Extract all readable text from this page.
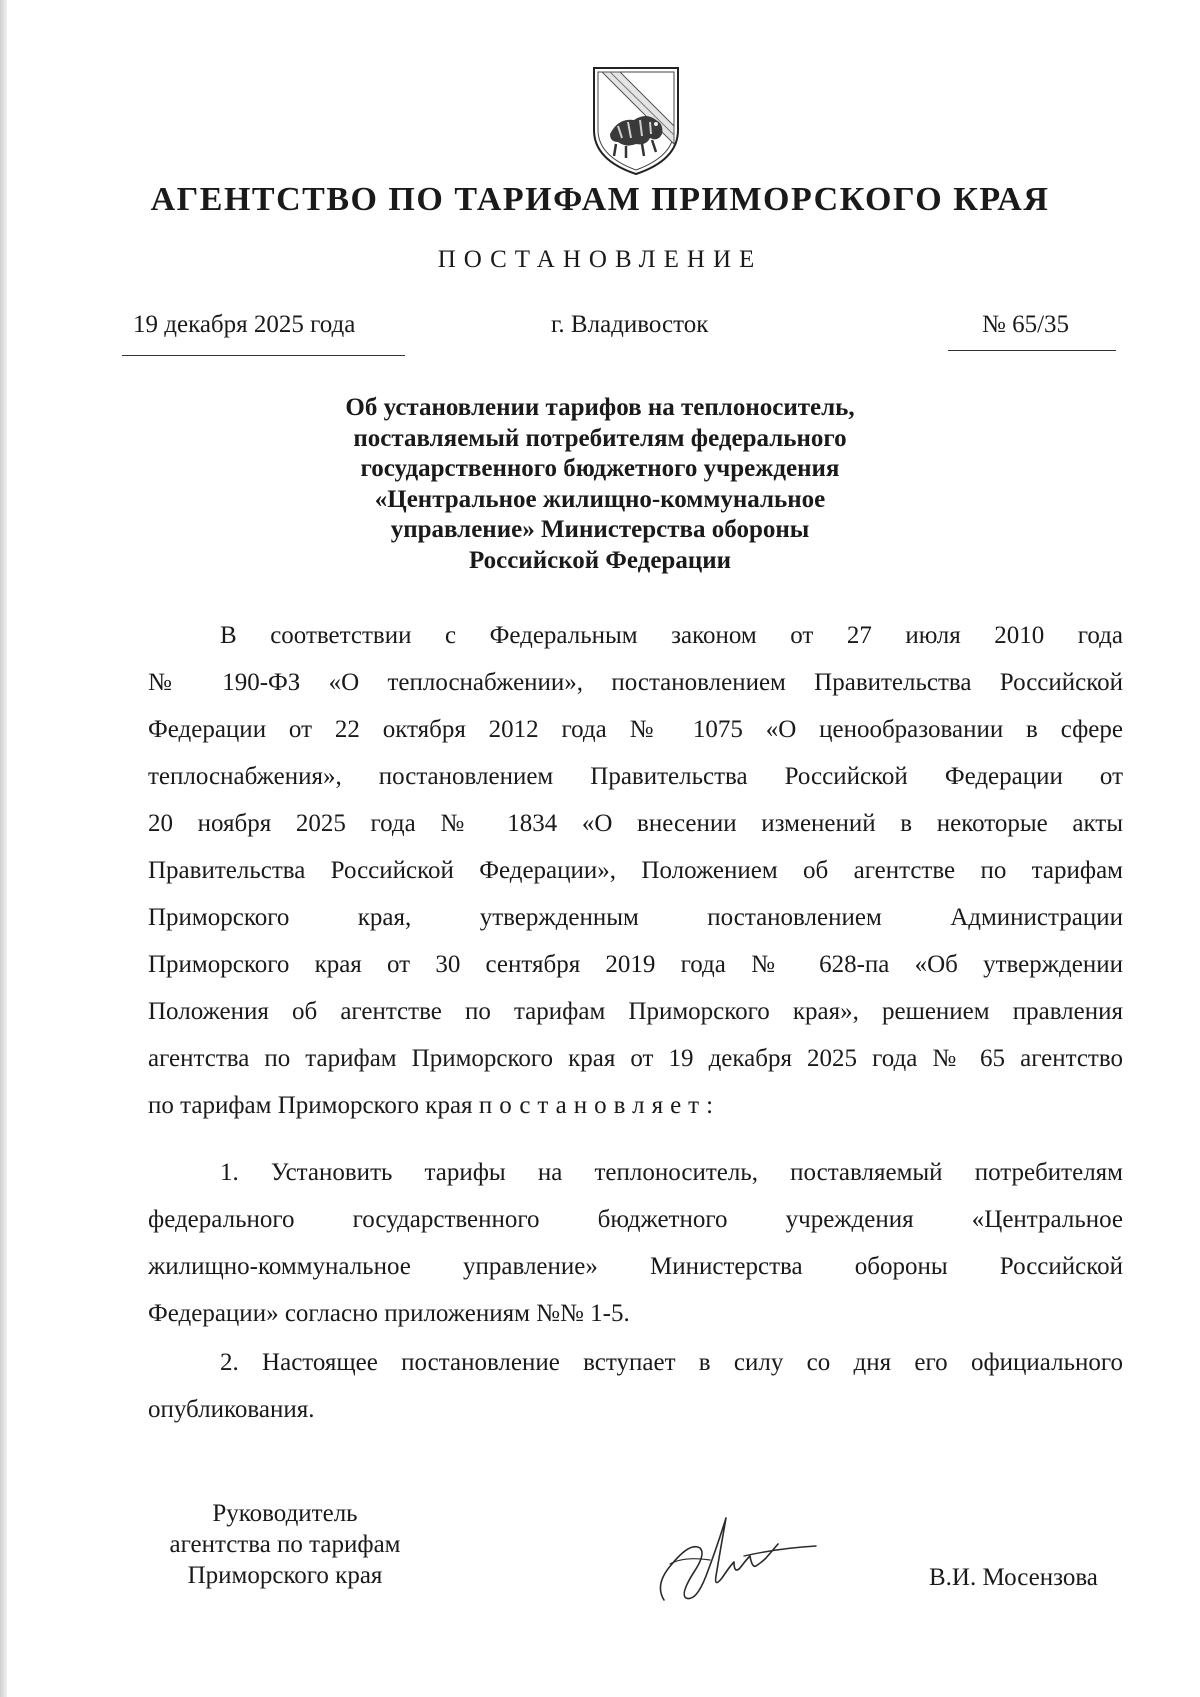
АГЕНТСТВО ПО ТАРИФАМ ПРИМОРСКОГО КРАЯ
ПОСТАНОВЛЕНИЕ
19 декабря 2025 года	г. Владивосток	№ 65/35
Об установлении тарифов на теплоноситель,
поставляемый потребителям федерального
государственного бюджетного учреждения
«Центральное жилищно-коммунальное
управление» Министерства обороны
Российской Федерации
В соответствии с Федеральным законом от 27 июля 2010 года
№ 190-ФЗ «О теплоснабжении», постановлением Правительства Российской
Федерации от 22 октября 2012 года № 1075 «О ценообразовании в сфере
теплоснабжения», постановлением Правительства Российской Федерации от
20 ноября 2025 года № 1834 «О внесении изменений в некоторые акты
Правительства Российской Федерации», Положением об агентстве по тарифам
Приморского края, утвержденным постановлением Администрации
Приморского края от 30 сентября 2019 года № 628-па «Об утверждении
Положения об агентстве по тарифам Приморского края», решением правления
агентства по тарифам Приморского края от 19 декабря 2025 года № 65 агентство
по тарифам Приморского края постановляет:
1. Установить тарифы на теплоноситель, поставляемый потребителям
федерального государственного бюджетного учреждения «Центральное
жилищно-коммунальное управление» Министерства обороны Российской
Федерации» согласно приложениям №№ 1-5.
2. Настоящее постановление вступает в силу со дня его официального
опубликования.
Руководитель
агентства по тарифам
Приморского края	В.И. Мосензова
